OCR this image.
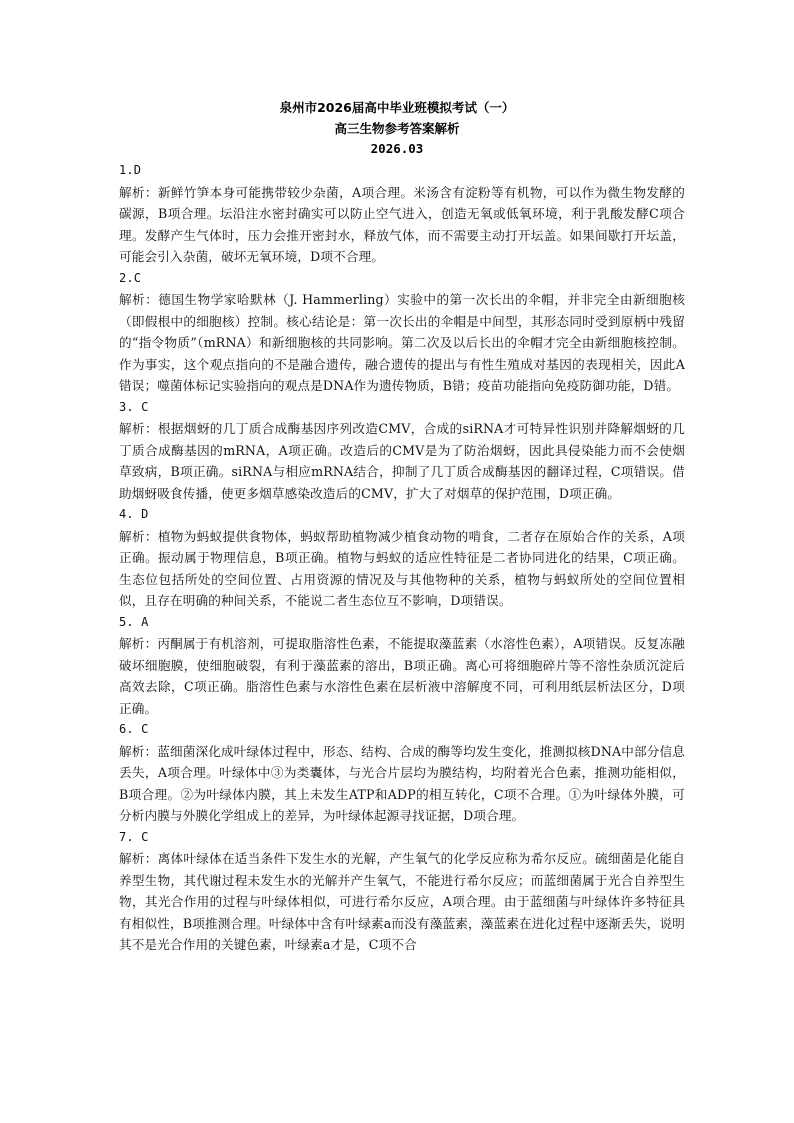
泉州市2026届高中毕业班模拟考试（一）
高三生物参考答案解析
2026.03
1.D
解析：新鲜竹笋本身可能携带较少杂菌，A项合理。米汤含有淀粉等有机物，可以作为微生物发酵的碳源，B项合理。坛沿注水密封确实可以防止空气进入，创造无氧或低氧环境，利于乳酸发酵C项合理。发酵产生气体时，压力会推开密封水，释放气体，而不需要主动打开坛盖。如果间歇打开坛盖，可能会引入杂菌，破坏无氧环境，D项不合理。
2.C
解析：德国生物学家哈默林（J. Hammerling）实验中的第一次长出的伞帽，并非完全由新细胞核（即假根中的细胞核）控制。核心结论是：第一次长出的伞帽是中间型，其形态同时受到原柄中残留的“指令物质”（mRNA）和新细胞核的共同影响。第二次及以后长出的伞帽才完全由新细胞核控制。作为事实，这个观点指向的不是融合遗传，融合遗传的提出与有性生殖成对基因的表现相关，因此A错误；噬菌体标记实验指向的观点是DNA作为遗传物质，B错；疫苗功能指向免疫防御功能，D错。
3. C
解析：根据烟蚜的几丁质合成酶基因序列改造CMV，合成的siRNA才可特异性识别并降解烟蚜的几丁质合成酶基因的mRNA，A项正确。改造后的CMV是为了防治烟蚜，因此具侵染能力而不会使烟草致病，B项正确。siRNA与相应mRNA结合，抑制了几丁质合成酶基因的翻译过程，C项错误。借助烟蚜吸食传播，使更多烟草感染改造后的CMV，扩大了对烟草的保护范围，D项正确。
4. D
解析：植物为蚂蚁提供食物体，蚂蚁帮助植物减少植食动物的啃食，二者存在原始合作的关系，A项正确。振动属于物理信息，B项正确。植物与蚂蚁的适应性特征是二者协同进化的结果，C项正确。生态位包括所处的空间位置、占用资源的情况及与其他物种的关系，植物与蚂蚁所处的空间位置相似，且存在明确的种间关系，不能说二者生态位互不影响，D项错误。
5. A
解析：丙酮属于有机溶剂，可提取脂溶性色素，不能提取藻蓝素（水溶性色素），A项错误。反复冻融破坏细胞膜，使细胞破裂，有利于藻蓝素的溶出，B项正确。离心可将细胞碎片等不溶性杂质沉淀后高效去除，C项正确。脂溶性色素与水溶性色素在层析液中溶解度不同，可利用纸层析法区分，D项正确。
6. C
解析：蓝细菌深化成叶绿体过程中，形态、结构、合成的酶等均发生变化，推测拟核DNA中部分信息丢失，A项合理。叶绿体中③为类囊体，与光合片层均为膜结构，均附着光合色素，推测功能相似，B项合理。②为叶绿体内膜，其上未发生ATP和ADP的相互转化，C项不合理。①为叶绿体外膜，可分析内膜与外膜化学组成上的差异，为叶绿体起源寻找证据，D项合理。
7. C
解析：离体叶绿体在适当条件下发生水的光解，产生氧气的化学反应称为希尔反应。硫细菌是化能自养型生物，其代谢过程未发生水的光解并产生氧气，不能进行希尔反应；而蓝细菌属于光合自养型生物，其光合作用的过程与叶绿体相似，可进行希尔反应，A项合理。由于蓝细菌与叶绿体许多特征具有相似性，B项推测合理。叶绿体中含有叶绿素a而没有藻蓝素，藻蓝素在进化过程中逐渐丢失，说明其不是光合作用的关键色素，叶绿素a才是，C项不合
